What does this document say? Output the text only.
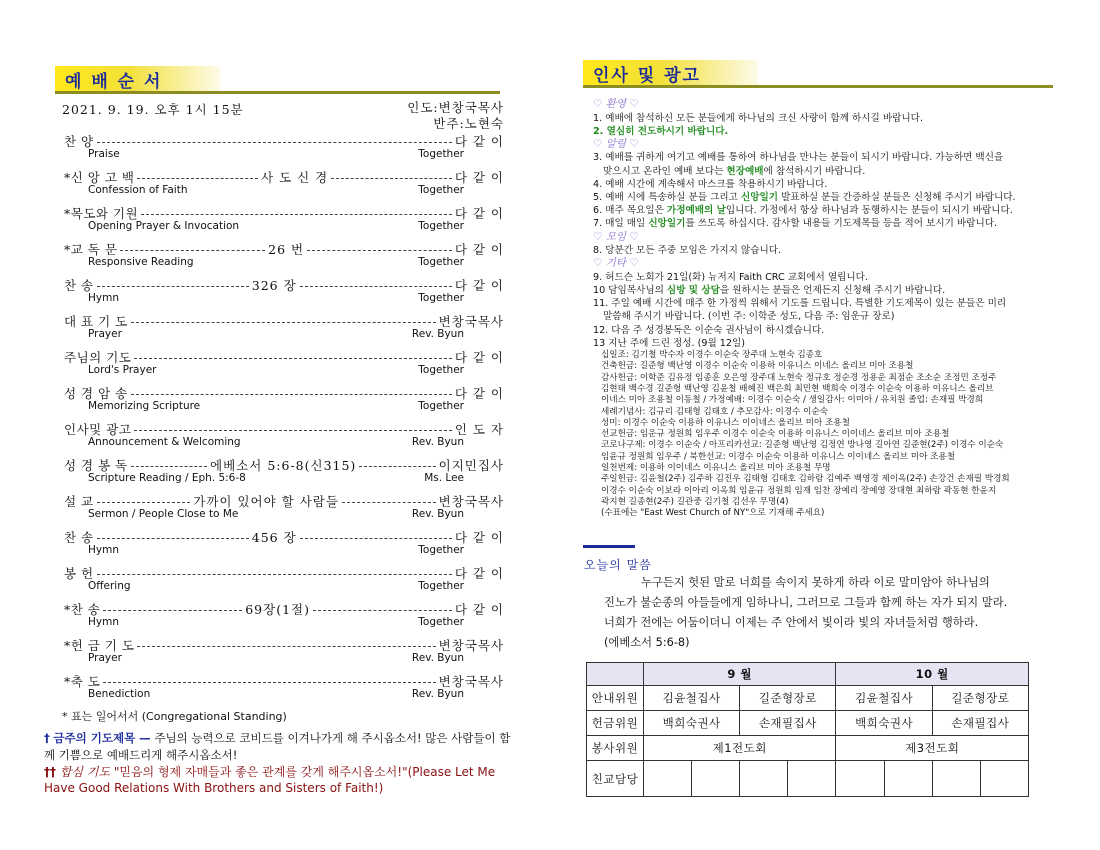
예 배 순 서
2021. 9. 19. 오후 1시 15분	인도:변창국목사
반주:노현숙
찬 양	다 같 이
Praise	Together
*신 앙 고 백	사 도 신 경	다 같 이
Confession of Faith	Together
*목도와 기원	다 같 이
Opening Prayer & Invocation	Together
*교 독 문	26 번	다 같 이
Responsive Reading	Together
찬 송	326 장	다 같 이
Hymn	Together
대 표 기 도	변창국목사
Prayer	Rev. Byun
주님의 기도	다 같 이
Lord's Prayer	Together
성 경 암 송	다 같 이
Memorizing Scripture	Together
인사및 광고	인 도 자
Announcement & Welcoming	Rev. Byun
성 경 봉 독	에베소서 5:6-8(신315)	이지민집사
Scripture Reading / Eph. 5:6-8	Ms. Lee
설 교	가까이 있어야 할 사람들	변창국목사
Sermon / People Close to Me	Rev. Byun
찬 송	456 장	다 같 이
Hymn	Together
봉 헌	다 같 이
Offering	Together
*찬 송	69장(1절)	다 같 이
Hymn	Together
*헌 금 기 도	변창국목사
Prayer	Rev. Byun
*축 도	변창국목사
Benediction	Rev. Byun
* 표는 일어서서 (Congregational Standing)
† 금주의 기도제목 — 주님의 능력으로 코비드를 이겨나가게 해 주시옵소서! 많은 사람들이 함께 기쁨으로 예배드리게 해주시옵소서!
†† 합심 기도 "믿음의 형제 자매들과 좋은 관계를 갖게 해주시옵소서!"(Please Let Me Have Good Relations With Brothers and Sisters of Faith!)
인사 및 광고
♡ 환영 ♡
1. 예배에 참석하신 모든 분들에게 하나님의 크신 사랑이 함께 하시길 바랍니다.
2. 열심히 전도하시기 바랍니다.
♡ 알림 ♡
3. 예배를 귀하게 여기고 예배를 통하여 하나님을 만나는 분들이 되시기 바랍니다. 가능하면 백신을
맞으시고 온라인 예배 보다는 현장예배에 참석하시기 바랍니다.
4. 예배 시간에 계속해서 마스크를 착용하시기 바랍니다.
5. 예배 시에 특송하실 분들 그리고 신앙일기 발표하실 분들 간증하실 분들은 신청해 주시기 바랍니다.
6. 매주 목요일은 가정예배의 날입니다. 가정에서 항상 하나님과 동행하시는 분들이 되시기 바랍니다.
7. 매일 매일 신앙일기를 쓰도록 하십시다. 감사할 내용들 기도제목들 등을 적어 보시기 바랍니다.
♡ 모임 ♡
8. 당분간 모든 주중 모임은 가지지 않습니다.
♡ 기타 ♡
9. 허드슨 노회가 21일(화) 뉴저지 Faith CRC 교회에서 열립니다.
10 담임목사님의 심방 및 상담을 원하시는 분들은 언제든지 신청해 주시기 바랍니다.
11. 주일 예배 시간에 매주 한 가정씩 위해서 기도를 드립니다. 특별한 기도제목이 있는 분들은 미리
말씀해 주시기 바랍니다. (이번 주: 이학준 성도, 다음 주: 임운규 장로)
12. 다음 주 성경봉독은 이순숙 권사님이 하시겠습니다.
13 지난 주에 드린 정성. (9월 12일)
십일조: 김기철 박수자 이경수 이순숙 장주대 노현숙 김종호
건축헌금: 길준형 백난영 이경수 이순숙 이용하 이유니스 이네스 올리브 미아 조용철
감사헌금: 이학준 김유정 임종훈 오은영 장주대 노현숙 정규호 정순경 정용운 최점순 조소순 조정민 조정주
김현태 백수경 길준형 백난영 김윤철 배혜진 백은희 최민현 백희숙 이경수 이순숙 이용하 이유니스 올리브
이네스 미아 조용철 이동철 / 가정예배: 이경수 이순숙 / 생일감사: 이미아 / 유치원 졸업: 손재필 박경희
세례기념사: 김규리 김태형 김태호 / 추모감사: 이경수 이순숙
성미: 이경수 이순숙 이용하 이유니스 이이네스 올리브 미아 조용철
선교헌금: 임운규 정원희 임우주 이경수 이순숙 이용하 이유니스 이이네스 올리브 미아 조용철
코로나구제: 이경수 이순숙 / 아프리카선교: 길준형 백난영 김정연 방나영 길아연 길준현(2주) 이경수 이순숙
임윤규 정원희 임우주 / 북한선교: 이경수 이순숙 이용하 이유니스 이이네스 올리브 미아 조용철
일천번제: 이용하 이이네스 이유니스 올리브 미아 조용철 무명
주일헌금: 김윤철(2주) 김주하 김진우 김태형 김태호 김하람 김예주 백영경 제이옥(2주) 손강건 손재필 박경희
이경수 이순숙 이보라 이아리 이옥희 임윤규 정원희 임재 임찬 장예리 장예영 장대현 최하람 곽동현 한윤지
곽지현 길종현(2주) 길관중 김기철 김선우 무명(4)
(수표에는 "East West Church of NY"으로 기재해 주세요)
오늘의 말씀
누구든지 헛된 말로 너희를 속이지 못하게 하라 이로 말미암아 하나님의
진노가 불순종의 아들들에게 임하나니, 그러므로 그들과 함께 하는 자가 되지 말라.
너희가 전에는 어둠이더니 이제는 주 안에서 빛이라 빛의 자녀들처럼 행하라.
(에베소서 5:6-8)
	9 월				10 월			
안내위원	김윤철집사		길준형장로		김윤철집사		길준형장로	
헌금위원	백희숙권사		손재필집사		백희숙권사		손재필집사	
봉사위원	제1전도회				제3전도회			
친교담당								
